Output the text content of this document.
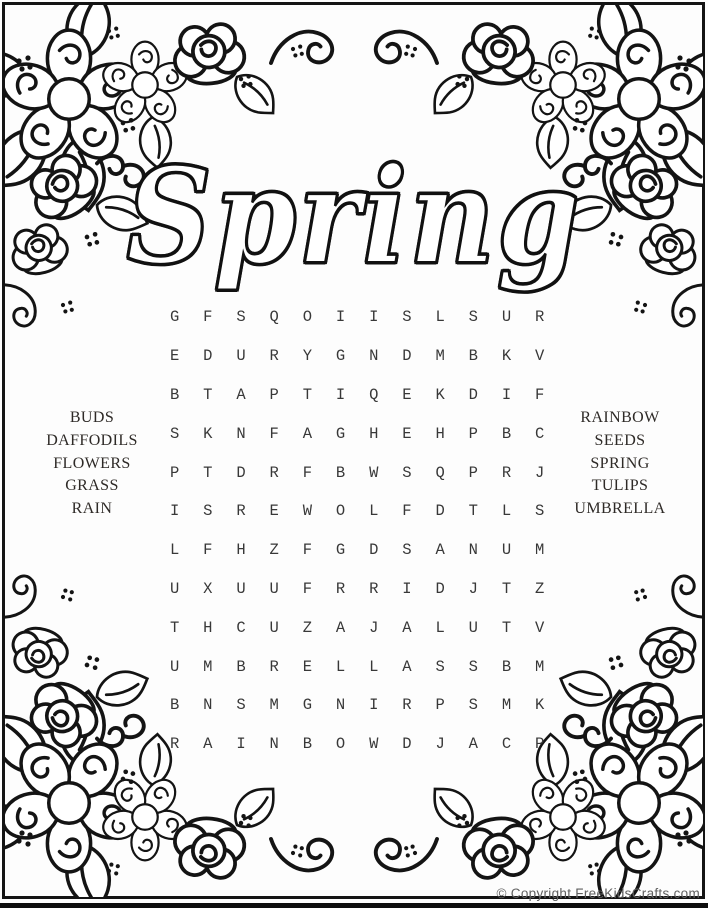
Spring
G	F	S	Q	O	I	I	S	L	S	U	R
E	D	U	R	Y	G	N	D	M	B	K	V
B	T	A	P	T	I	Q	E	K	D	I	F
S	K	N	F	A	G	H	E	H	P	B	C
P	T	D	R	F	B	W	S	Q	P	R	J
I	S	R	E	W	O	L	F	D	T	L	S
L	F	H	Z	F	G	D	S	A	N	U	M
U	X	U	U	F	R	R	I	D	J	T	Z
T	H	C	U	Z	A	J	A	L	U	T	V
U	M	B	R	E	L	L	A	S	S	B	M
B	N	S	M	G	N	I	R	P	S	M	K
R	A	I	N	B	O	W	D	J	A	C	P
BUDS
DAFFODILS
FLOWERS
GRASS
RAIN
RAINBOW
SEEDS
SPRING
TULIPS
UMBRELLA
© Copyright FreeKidsCrafts.com
